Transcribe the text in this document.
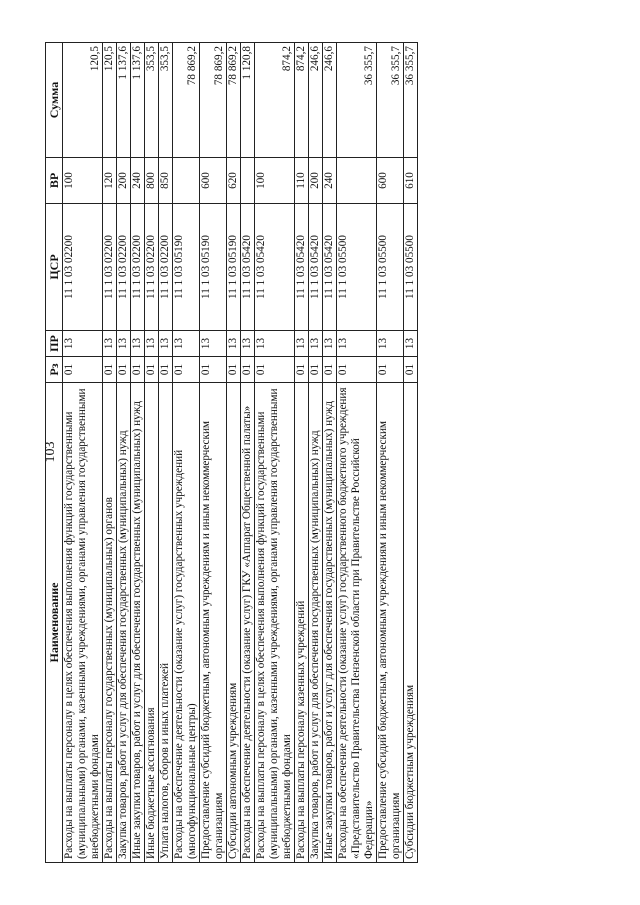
103
Наименование	Рз	ПР	ЦСР	ВР	Сумма
Расходы на выплаты персоналу в целях обеспечения выполнения функций государственными (муниципальными) органами, казенными учреждениями, органами управления государственными внебюджетными фондами	01	13	11 1 03 02200	100	120,5
Расходы на выплаты персоналу государственных (муниципальных) органов	01	13	11 1 03 02200	120	120,5
Закупка товаров, работ и услуг для обеспечения государственных (муниципальных) нужд	01	13	11 1 03 02200	200	1 137,6
Иные закупки товаров, работ и услуг для обеспечения государственных (муниципальных) нужд	01	13	11 1 03 02200	240	1 137,6
Иные бюджетные ассигнования	01	13	11 1 03 02200	800	353,5
Уплата налогов, сборов и иных платежей	01	13	11 1 03 02200	850	353,5
Расходы на обеспечение деятельности (оказание услуг) государственных учреждений (многофункциональные центры)	01	13	11 1 03 05190		78 869,2
Предоставление субсидий бюджетным, автономным учреждениям и иным некоммерческим организациям	01	13	11 1 03 05190	600	78 869,2
Субсидии автономным учреждениям	01	13	11 1 03 05190	620	78 869,2
Расходы на обеспечение деятельности (оказание услуг) ГКУ «Аппарат Общественной палаты»	01	13	11 1 03 05420		1 120,8
Расходы на выплаты персоналу в целях обеспечения выполнения функций государственными (муниципальными) органами, казенными учреждениями, органами управления государственными внебюджетными фондами	01	13	11 1 03 05420	100	874,2
Расходы на выплаты персоналу казенных учреждений	01	13	11 1 03 05420	110	874,2
Закупка товаров, работ и услуг для обеспечения государственных (муниципальных) нужд	01	13	11 1 03 05420	200	246,6
Иные закупки товаров, работ и услуг для обеспечения государственных (муниципальных) нужд	01	13	11 1 03 05420	240	246,6
Расходы на обеспечение деятельности (оказание услуг) государственного бюджетного учреждения «Представительство Правительства Пензенской области при Правительстве Российской Федерации»	01	13	11 1 03 05500		36 355,7
Предоставление субсидий бюджетным, автономным учреждениям и иным некоммерческим организациям	01	13	11 1 03 05500	600	36 355,7
Субсидии бюджетным учреждениям	01	13	11 1 03 05500	610	36 355,7
